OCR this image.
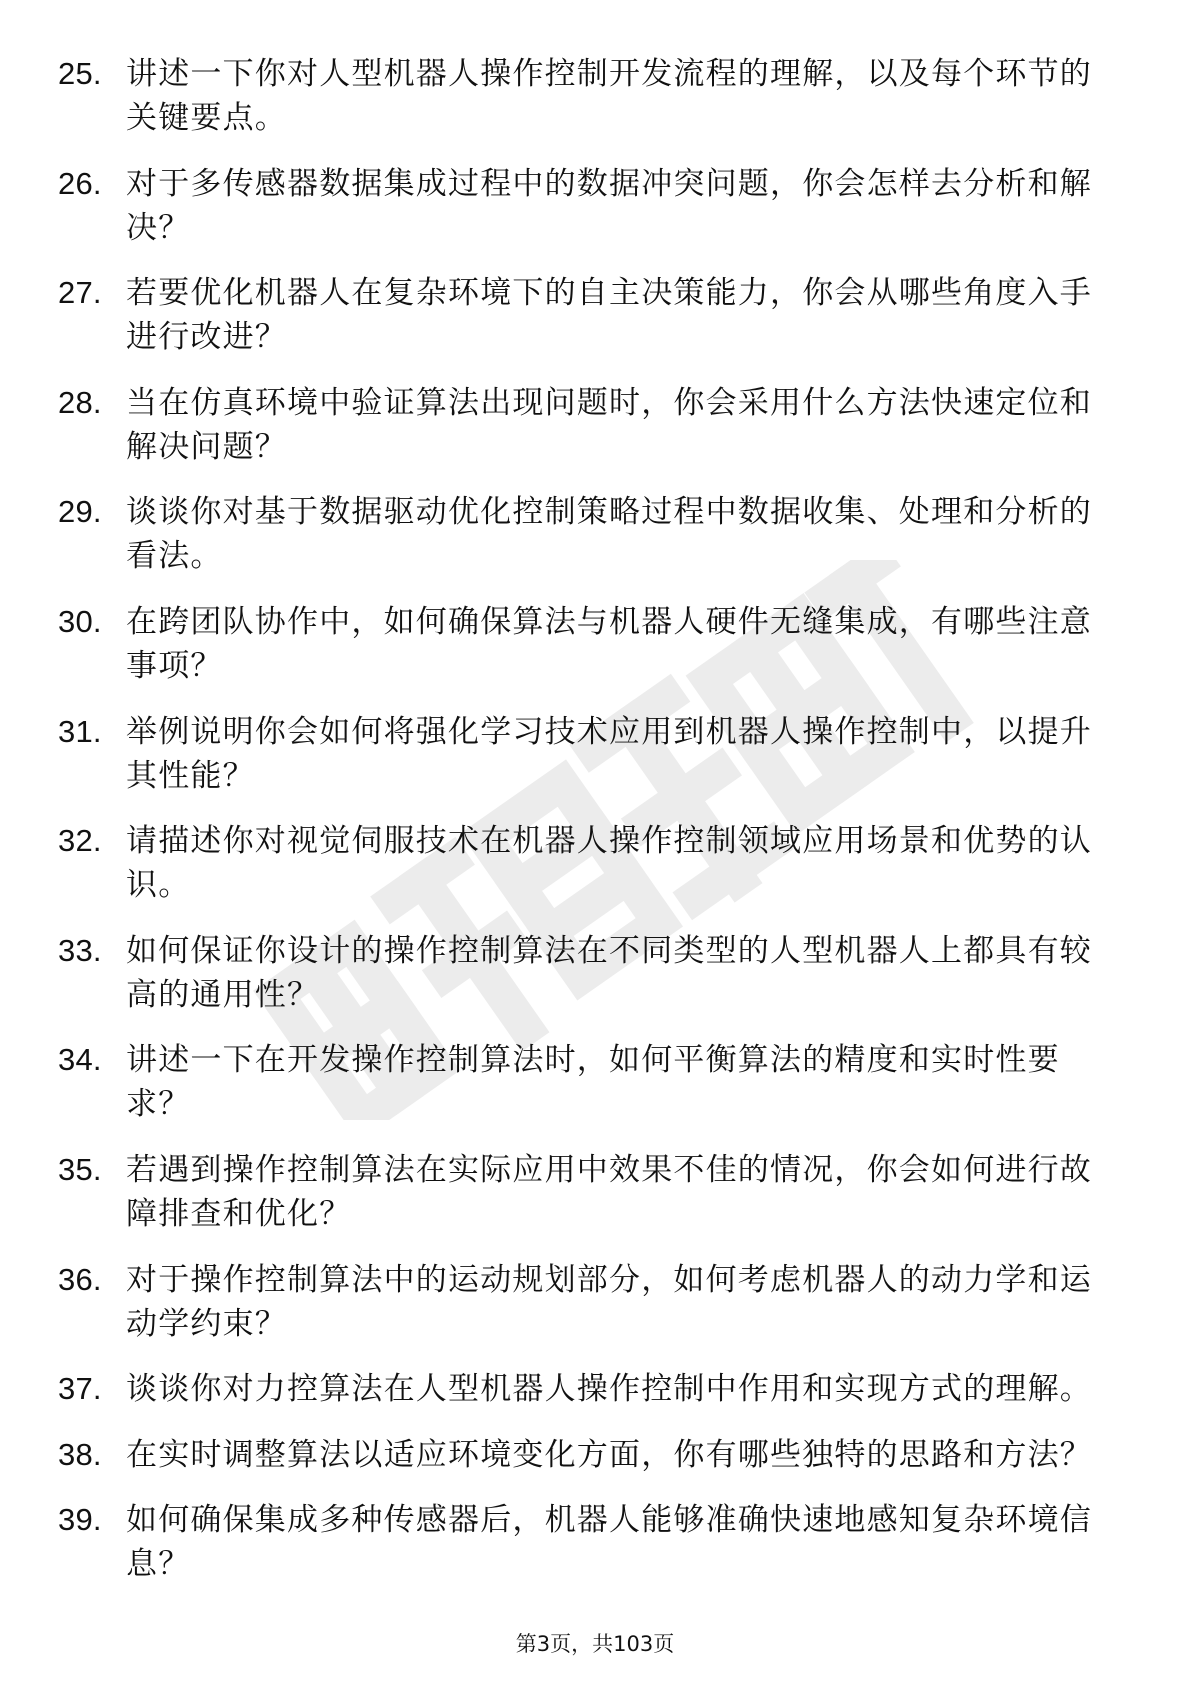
25. 讲述一下你对人型机器人操作控制开发流程的理解，以及每个环节的关键要点。
26. 对于多传感器数据集成过程中的数据冲突问题，你会怎样去分析和解决？
27. 若要优化机器人在复杂环境下的自主决策能力，你会从哪些角度入手进行改进？
28. 当在仿真环境中验证算法出现问题时，你会采用什么方法快速定位和解决问题？
29. 谈谈你对基于数据驱动优化控制策略过程中数据收集、处理和分析的看法。
30. 在跨团队协作中，如何确保算法与机器人硬件无缝集成，有哪些注意事项？
31. 举例说明你会如何将强化学习技术应用到机器人操作控制中，以提升其性能？
32. 请描述你对视觉伺服技术在机器人操作控制领域应用场景和优势的认识。
33. 如何保证你设计的操作控制算法在不同类型的人型机器人上都具有较高的通用性？
34. 讲述一下在开发操作控制算法时，如何平衡算法的精度和实时性要求？
35. 若遇到操作控制算法在实际应用中效果不佳的情况，你会如何进行故障排查和优化？
36. 对于操作控制算法中的运动规划部分，如何考虑机器人的动力学和运动学约束？
37. 谈谈你对力控算法在人型机器人操作控制中作用和实现方式的理解。
38. 在实时调整算法以适应环境变化方面，你有哪些独特的思路和方法？
39. 如何确保集成多种传感器后，机器人能够准确快速地感知复杂环境信息？
第3页，共103页
